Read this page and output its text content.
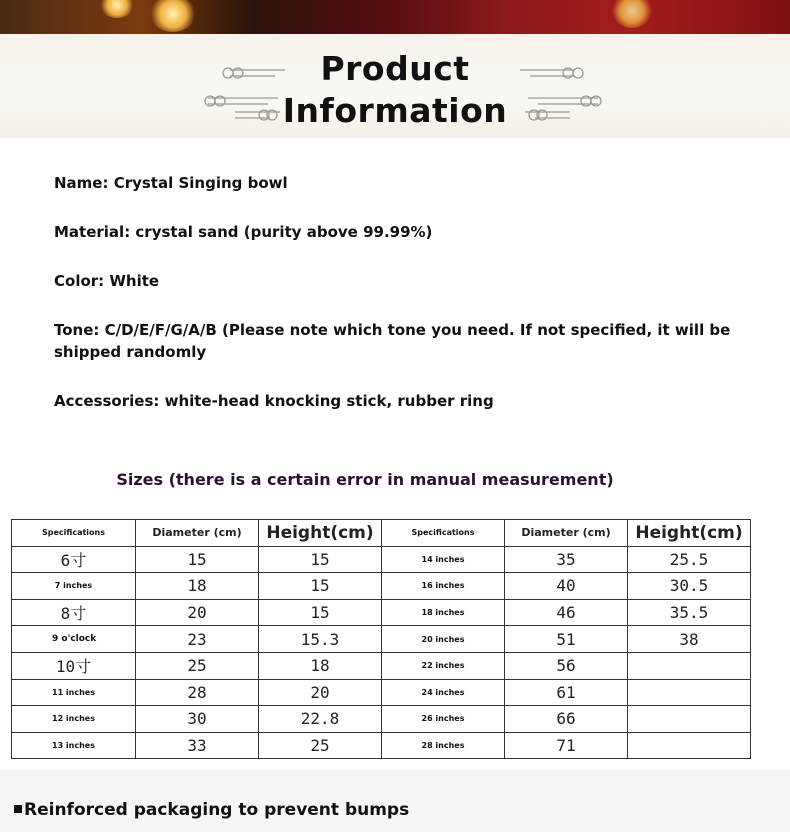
Product
Information
Name: Crystal Singing bowl
Material: crystal sand (purity above 99.99%)
Color: White
Tone: C/D/E/F/G/A/B (Please note which tone you need. If not specified, it will be
shipped randomly
Accessories: white-head knocking stick, rubber ring
Sizes (there is a certain error in manual measurement)
Specifications	Diameter (cm)	Height(cm)	Specifications	Diameter (cm)	Height(cm)
6寸	15	15	14 inches	35	25.5
7 inches	18	15	16 inches	40	30.5
8寸	20	15	18 inches	46	35.5
9 o'clock	23	15.3	20 inches	51	38
10寸	25	18	22 inches	56	
11 inches	28	20	24 inches	61	
12 inches	30	22.8	26 inches	66	
13 inches	33	25	28 inches	71	
Reinforced packaging to prevent bumps
